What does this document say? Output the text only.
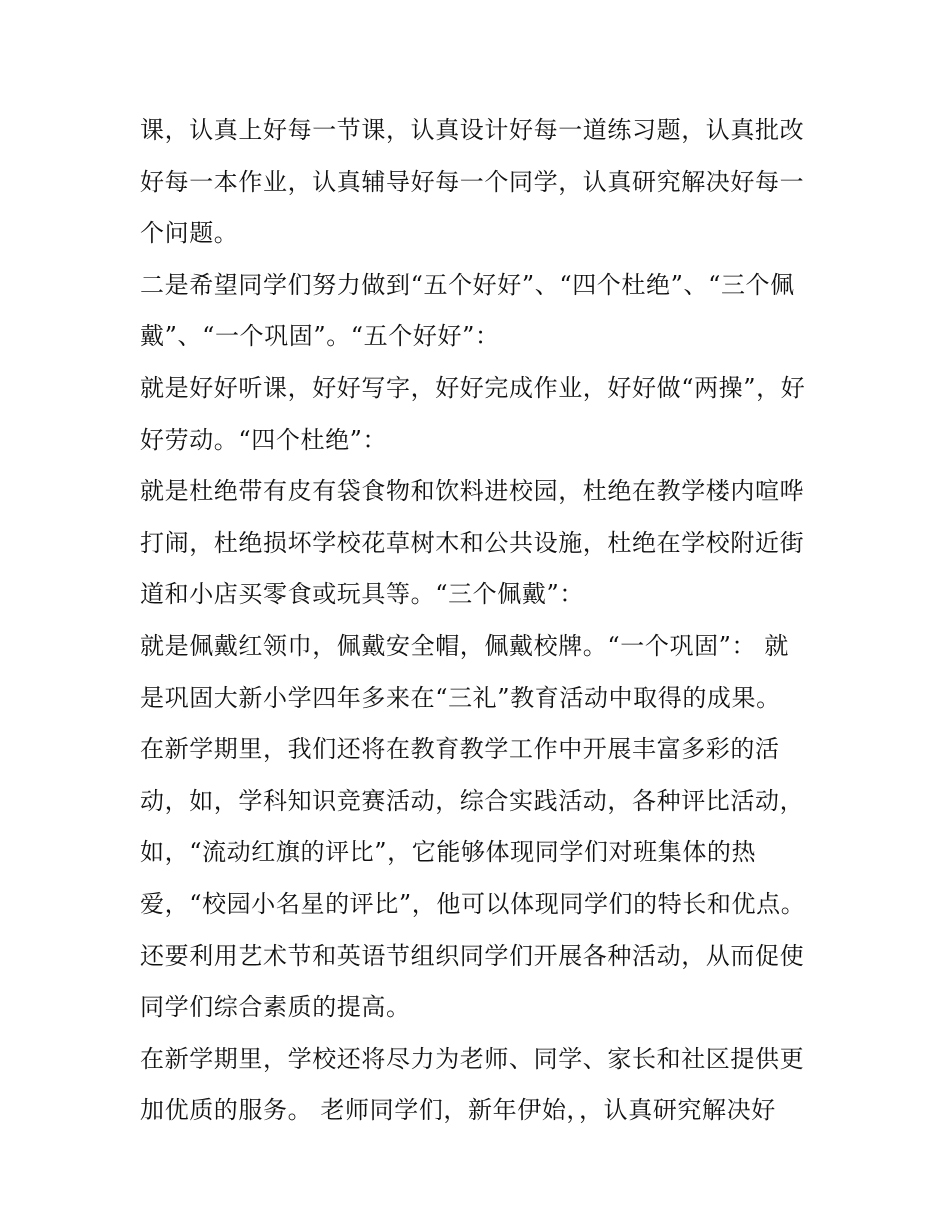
课，认真上好每一节课，认真设计好每一道练习题，认真批改
好每一本作业，认真辅导好每一个同学，认真研究解决好每一
个问题。
二是希望同学们努力做到“五个好好”、“四个杜绝”、“三个佩
戴”、“一个巩固”。“五个好好”：
就是好好听课，好好写字，好好完成作业，好好做“两操”，好
好劳动。“四个杜绝”：
就是杜绝带有皮有袋食物和饮料进校园，杜绝在教学楼内喧哗
打闹，杜绝损坏学校花草树木和公共设施，杜绝在学校附近街
道和小店买零食或玩具等。“三个佩戴”：
就是佩戴红领巾，佩戴安全帽，佩戴校牌。“一个巩固”： 就
是巩固大新小学四年多来在“三礼”教育活动中取得的成果。
在新学期里，我们还将在教育教学工作中开展丰富多彩的活
动，如，学科知识竞赛活动，综合实践活动，各种评比活动，
如，“流动红旗的评比”，它能够体现同学们对班集体的热
爱，“校园小名星的评比”，他可以体现同学们的特长和优点。
还要利用艺术节和英语节组织同学们开展各种活动，从而促使
同学们综合素质的提高。
在新学期里，学校还将尽力为老师、同学、家长和社区提供更
加优质的服务。 老师同学们，新年伊始，，认真研究解决好
